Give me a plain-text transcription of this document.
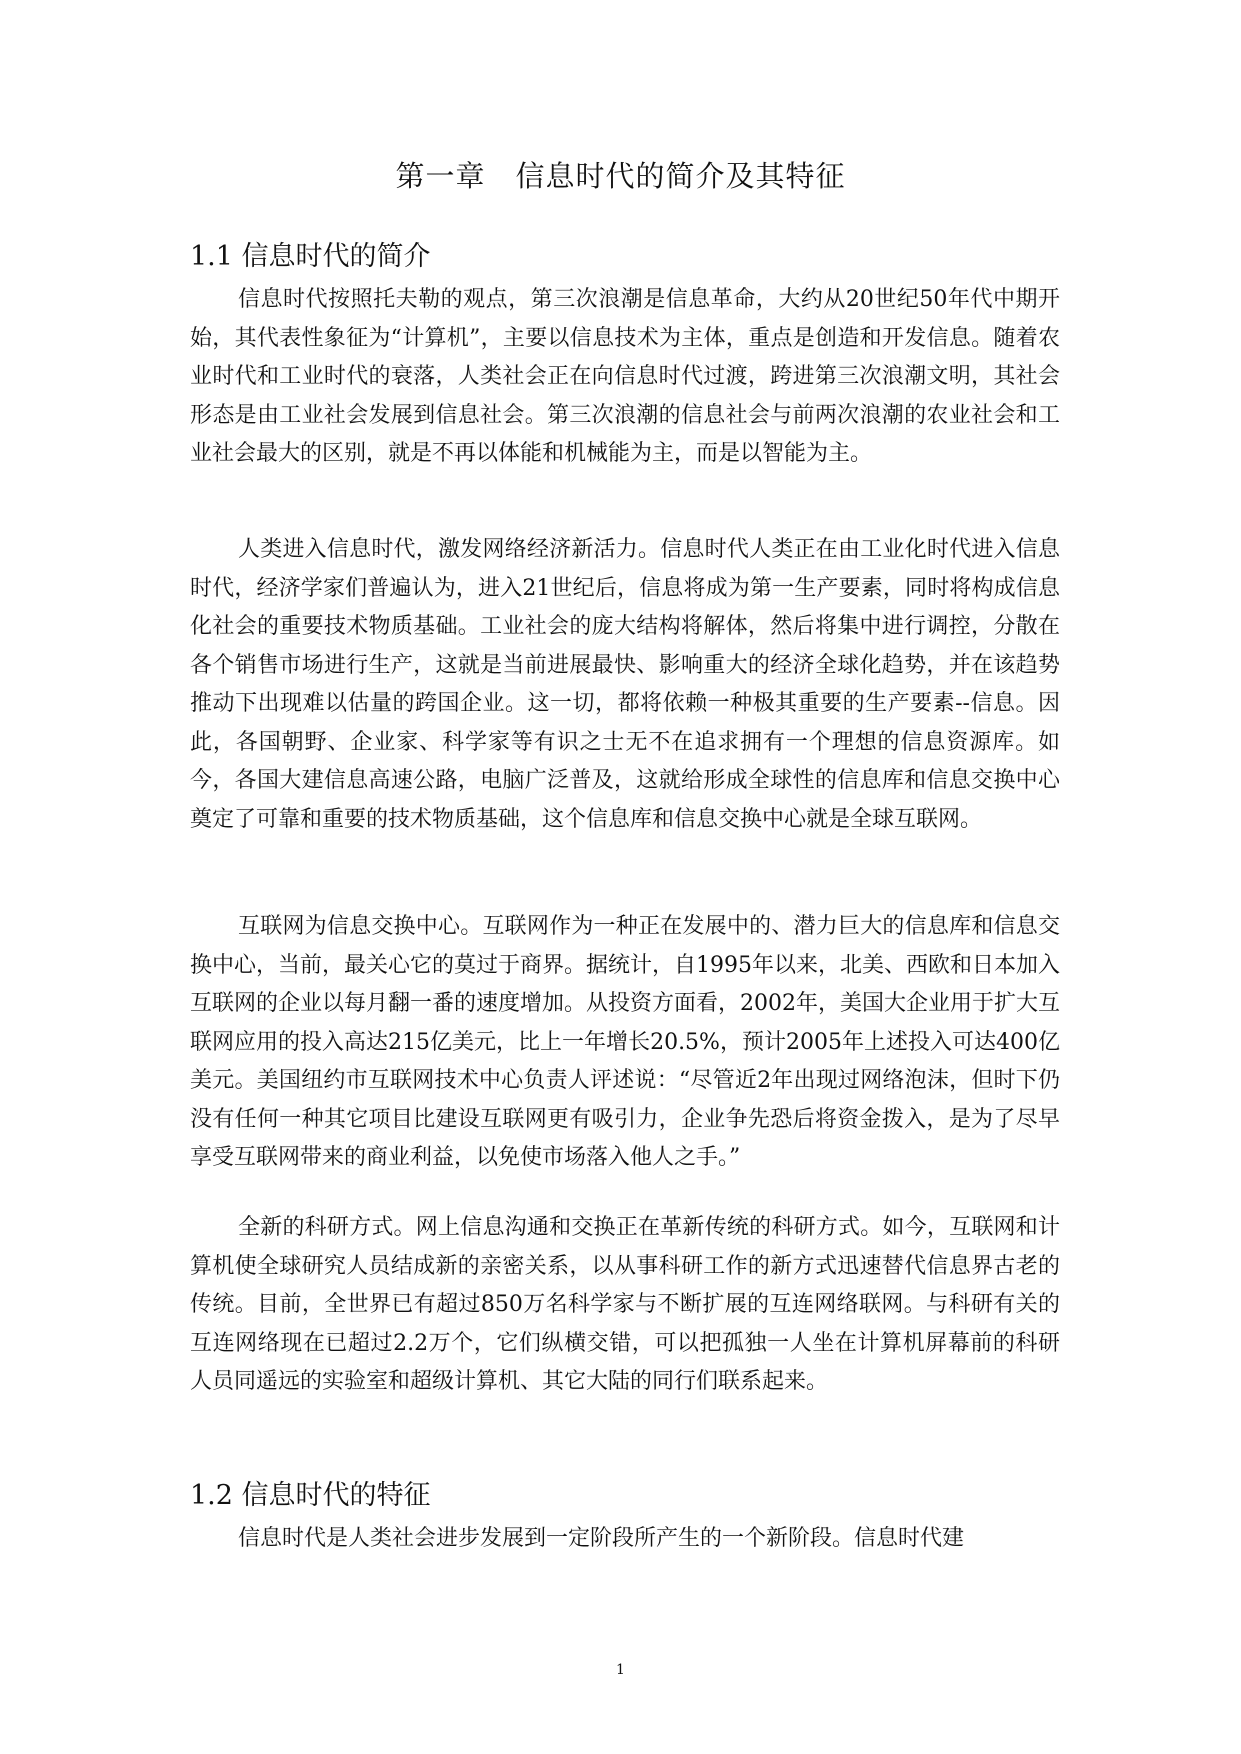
第一章　信息时代的简介及其特征
1.1 信息时代的简介

信息时代按照托夫勒的观点，第三次浪潮是信息革命，大约从20世纪50年代中期开始，其代表性象征为“计算机”，主要以信息技术为主体，重点是创造和开发信息。随着农业时代和工业时代的衰落，人类社会正在向信息时代过渡，跨进第三次浪潮文明，其社会形态是由工业社会发展到信息社会。第三次浪潮的信息社会与前两次浪潮的农业社会和工业社会最大的区别，就是不再以体能和机械能为主，而是以智能为主。

人类进入信息时代，激发网络经济新活力。信息时代人类正在由工业化时代进入信息时代，经济学家们普遍认为，进入21世纪后，信息将成为第一生产要素，同时将构成信息化社会的重要技术物质基础。工业社会的庞大结构将解体，然后将集中进行调控，分散在各个销售市场进行生产，这就是当前进展最快、影响重大的经济全球化趋势，并在该趋势推动下出现难以估量的跨国企业。这一切，都将依赖一种极其重要的生产要素--信息。因此，各国朝野、企业家、科学家等有识之士无不在追求拥有一个理想的信息资源库。如今，各国大建信息高速公路，电脑广泛普及，这就给形成全球性的信息库和信息交换中心奠定了可靠和重要的技术物质基础，这个信息库和信息交换中心就是全球互联网。

互联网为信息交换中心。互联网作为一种正在发展中的、潜力巨大的信息库和信息交换中心，当前，最关心它的莫过于商界。据统计，自1995年以来，北美、西欧和日本加入互联网的企业以每月翻一番的速度增加。从投资方面看，2002年，美国大企业用于扩大互联网应用的投入高达215亿美元，比上一年增长20.5%，预计2005年上述投入可达400亿美元。美国纽约市互联网技术中心负责人评述说：“尽管近2年出现过网络泡沫，但时下仍没有任何一种其它项目比建设互联网更有吸引力，企业争先恐后将资金拨入，是为了尽早享受互联网带来的商业利益，以免使市场落入他人之手。”

全新的科研方式。网上信息沟通和交换正在革新传统的科研方式。如今，互联网和计算机使全球研究人员结成新的亲密关系，以从事科研工作的新方式迅速替代信息界古老的传统。目前，全世界已有超过850万名科学家与不断扩展的互连网络联网。与科研有关的互连网络现在已超过2.2万个，它们纵横交错，可以把孤独一人坐在计算机屏幕前的科研人员同遥远的实验室和超级计算机、其它大陆的同行们联系起来。

1.2 信息时代的特征

信息时代是人类社会进步发展到一定阶段所产生的一个新阶段。信息时代建

1
